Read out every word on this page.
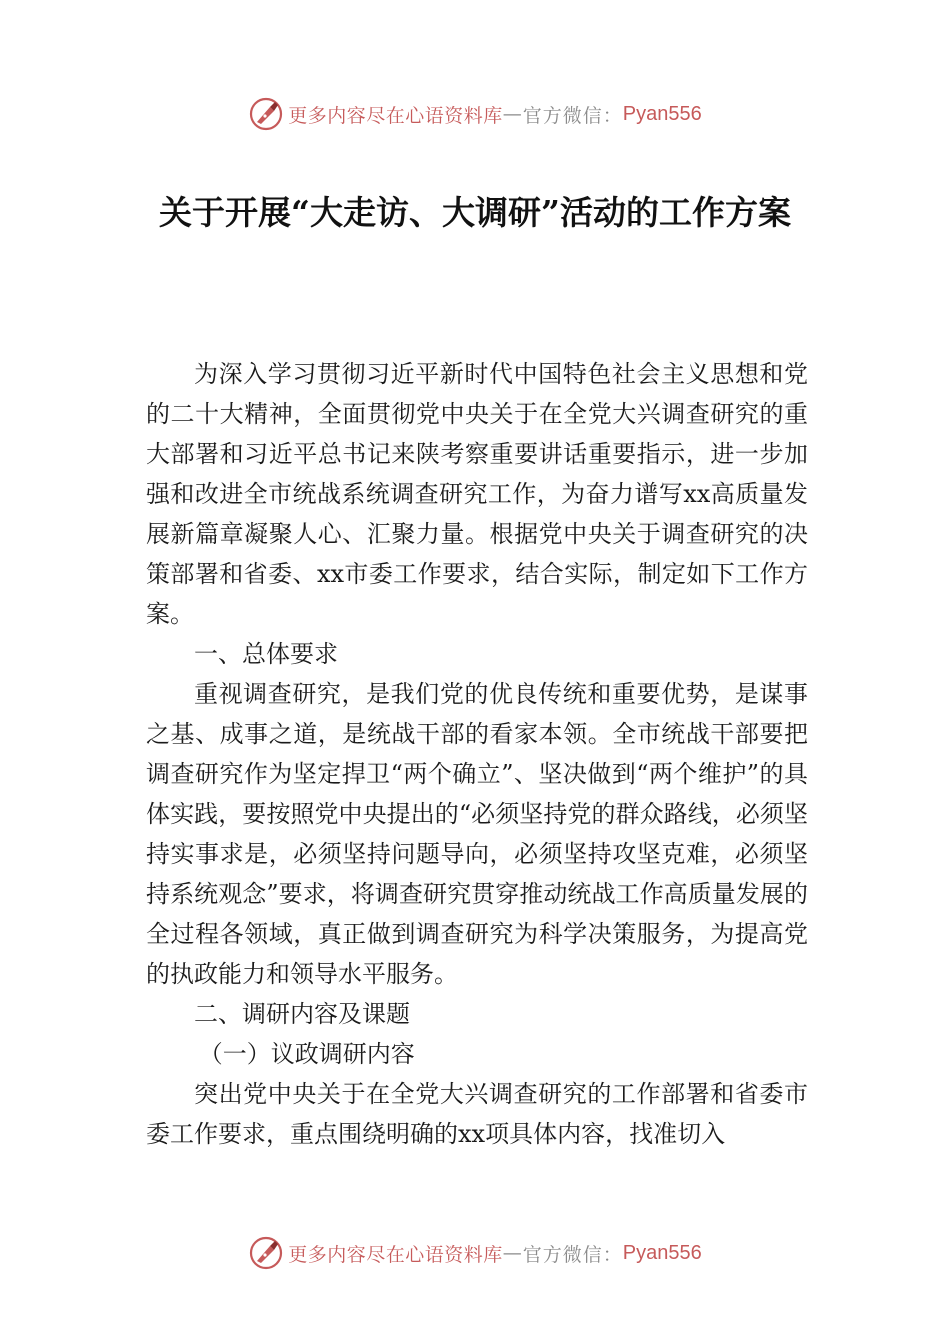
更多内容尽在心语资料库 — 官方微信： Pyan556
关于开展“大走访、大调研”活动的工作方案

为深入学习贯彻习近平新时代中国特色社会主义思想和党的二十大精神，全面贯彻党中央关于在全党大兴调查研究的重大部署和习近平总书记来陕考察重要讲话重要指示，进一步加强和改进全市统战系统调查研究工作，为奋力谱写xx高质量发展新篇章凝聚人心、汇聚力量。根据党中央关于调查研究的决策部署和省委、xx市委工作要求，结合实际，制定如下工作方案。

一、总体要求

重视调查研究，是我们党的优良传统和重要优势，是谋事之基、成事之道，是统战干部的看家本领。全市统战干部要把调查研究作为坚定捍卫“两个确立”、坚决做到“两个维护”的具体实践，要按照党中央提出的“必须坚持党的群众路线，必须坚持实事求是，必须坚持问题导向，必须坚持攻坚克难，必须坚持系统观念”要求，将调查研究贯穿推动统战工作高质量发展的全过程各领域，真正做到调查研究为科学决策服务，为提高党的执政能力和领导水平服务。

二、调研内容及课题

（一）议政调研内容

突出党中央关于在全党大兴调查研究的工作部署和省委市委工作要求，重点围绕明确的xx项具体内容，找准切入

更多内容尽在心语资料库 — 官方微信： Pyan556
